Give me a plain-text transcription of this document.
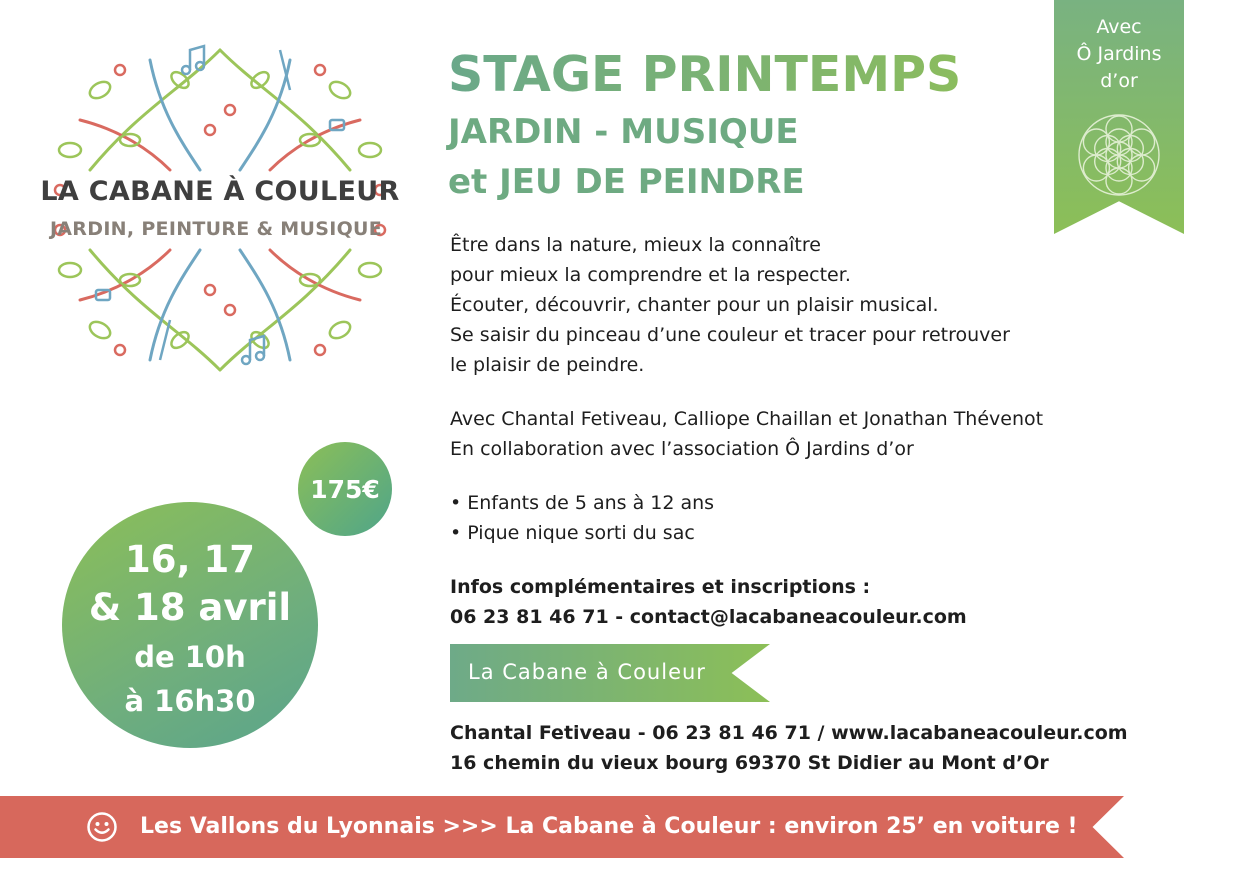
LA CABANE À COULEUR
JARDIN, PEINTURE & MUSIQUE
STAGE PRINTEMPS
JARDIN - MUSIQUE
et JEU DE PEINDRE
Être dans la nature, mieux la connaître
pour mieux la comprendre et la respecter.
Écouter, découvrir, chanter pour un plaisir musical.
Se saisir du pinceau d’une couleur et tracer pour retrouver
le plaisir de peindre.
Avec Chantal Fetiveau, Calliope Chaillan et Jonathan Thévenot
En collaboration avec l’association Ô Jardins d’or
• Enfants de 5 ans à 12 ans
• Pique nique sorti du sac
Infos complémentaires et inscriptions :
06 23 81 46 71 - contact@lacabaneacouleur.com
La Cabane à Couleur
Chantal Fetiveau - 06 23 81 46 71 / www.lacabaneacouleur.com
16 chemin du vieux bourg 69370 St Didier au Mont d’Or
Avec
Ô Jardins
d’or
16, 17
& 18 avril
de 10h
à 16h30
175€
Les Vallons du Lyonnais >>> La Cabane à Couleur : environ 25’ en voiture !
